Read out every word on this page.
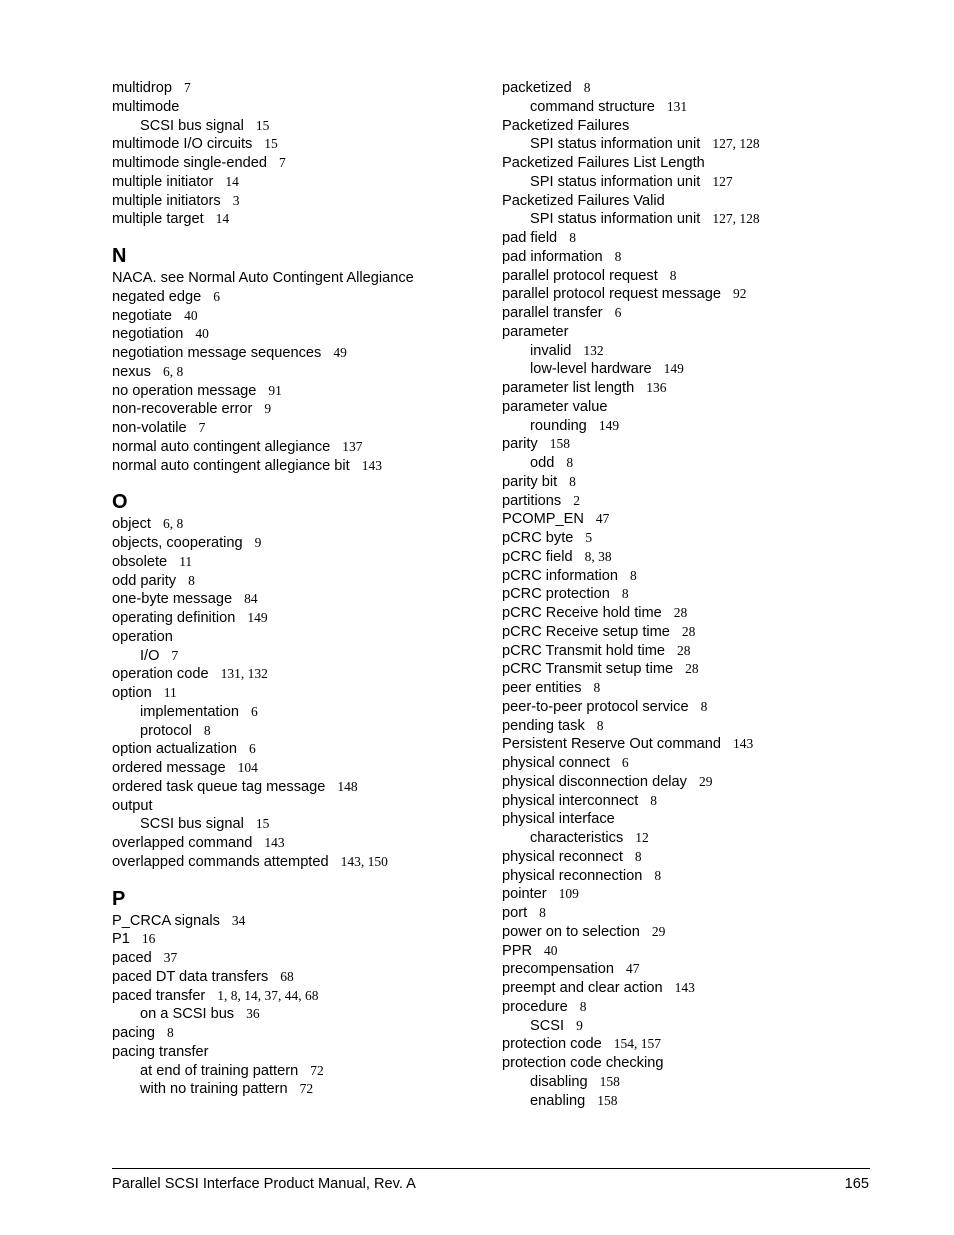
multidrop 7
multimode
SCSI bus signal 15
multimode I/O circuits 15
multimode single-ended 7
multiple initiator 14
multiple initiators 3
multiple target 14
N
NACA. see Normal Auto Contingent Allegiance
negated edge 6
negotiate 40
negotiation 40
negotiation message sequences 49
nexus 6, 8
no operation message 91
non-recoverable error 9
non-volatile 7
normal auto contingent allegiance 137
normal auto contingent allegiance bit 143
O
object 6, 8
objects, cooperating 9
obsolete 11
odd parity 8
one-byte message 84
operating definition 149
operation
I/O 7
operation code 131, 132
option 11
implementation 6
protocol 8
option actualization 6
ordered message 104
ordered task queue tag message 148
output
SCSI bus signal 15
overlapped command 143
overlapped commands attempted 143, 150
P
P_CRCA signals 34
P1 16
paced 37
paced DT data transfers 68
paced transfer 1, 8, 14, 37, 44, 68
on a SCSI bus 36
pacing 8
pacing transfer
at end of training pattern 72
with no training pattern 72
packetized 8
command structure 131
Packetized Failures
SPI status information unit 127, 128
Packetized Failures List Length
SPI status information unit 127
Packetized Failures Valid
SPI status information unit 127, 128
pad field 8
pad information 8
parallel protocol request 8
parallel protocol request message 92
parallel transfer 6
parameter
invalid 132
low-level hardware 149
parameter list length 136
parameter value
rounding 149
parity 158
odd 8
parity bit 8
partitions 2
PCOMP_EN 47
pCRC byte 5
pCRC field 8, 38
pCRC information 8
pCRC protection 8
pCRC Receive hold time 28
pCRC Receive setup time 28
pCRC Transmit hold time 28
pCRC Transmit setup time 28
peer entities 8
peer-to-peer protocol service 8
pending task 8
Persistent Reserve Out command 143
physical connect 6
physical disconnection delay 29
physical interconnect 8
physical interface
characteristics 12
physical reconnect 8
physical reconnection 8
pointer 109
port 8
power on to selection 29
PPR 40
precompensation 47
preempt and clear action 143
procedure 8
SCSI 9
protection code 154, 157
protection code checking
disabling 158
enabling 158
Parallel SCSI Interface Product Manual, Rev. A	165
